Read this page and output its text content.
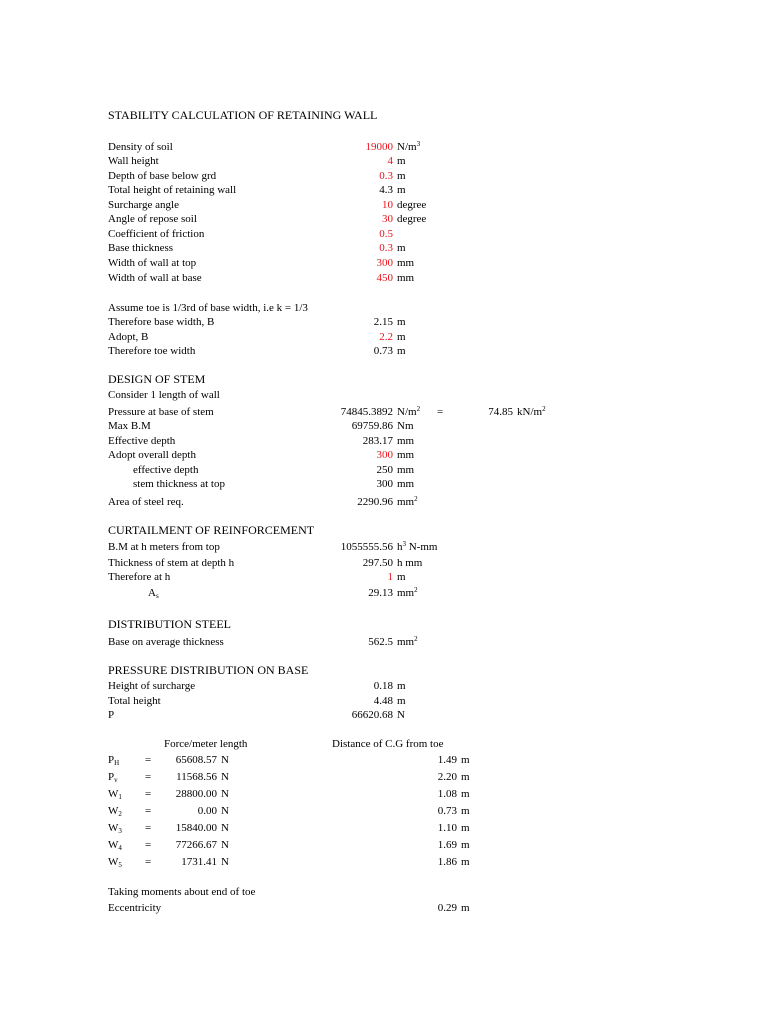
STABILITY CALCULATION OF RETAINING WALL
Density of soil	19000 $N/m^3$
Wall height	4 m
Depth of base below grd	0.3 m
Total height of retaining wall	4.3 m
Surcharge angle	10 degree
Angle of repose soil	30 degree
Coefficient of friction	0.5
Base thickness	0.3 m
Width of wall at top	300 mm
Width of wall at base	450 mm
Assume toe is 1/3rd of base width, i.e k = 1/3
Therefore base width, B	2.15 m
Adopt, B	2.2 m
Therefore toe width	0.73 m
DESIGN OF STEM
Consider 1 length of wall
Pressure at base of stem	74845.3892 $N/m^2$ =	74.85 $kN/m^2$
Max B.M	69759.86 Nm
Effective depth	283.17 mm
Adopt overall depth	300 mm
effective depth	250 mm
stem thickness at top	300 mm
Area of steel req.	2290.96 $mm^2$
CURTAILMENT OF REINFORCEMENT
B.M at h meters from top	1055555.56 $h^3$ N-mm
Thickness of stem at depth h	297.50 h mm
Therefore at h	1 m
$A_s$	29.13 $mm^2$
DISTRIBUTION STEEL
Base on average thickness	562.5 $mm^2$
PRESSURE DISTRIBUTION ON BASE
Height of surcharge	0.18 m
Total height	4.48 m
P	66620.68 N
Force/meter length	Distance of C.G from toe
$P_H$ =	65608.57 N	1.49 m
$P_v$ =	11568.56 N	2.20 m
$W_1$ =	28800.00 N	1.08 m
$W_2$ =	0.00 N	0.73 m
$W_3$ =	15840.00 N	1.10 m
$W_4$ =	77266.67 N	1.69 m
$W_5$ =	1731.41 N	1.86 m
Taking moments about end of toe
Eccentricity	0.29 m
